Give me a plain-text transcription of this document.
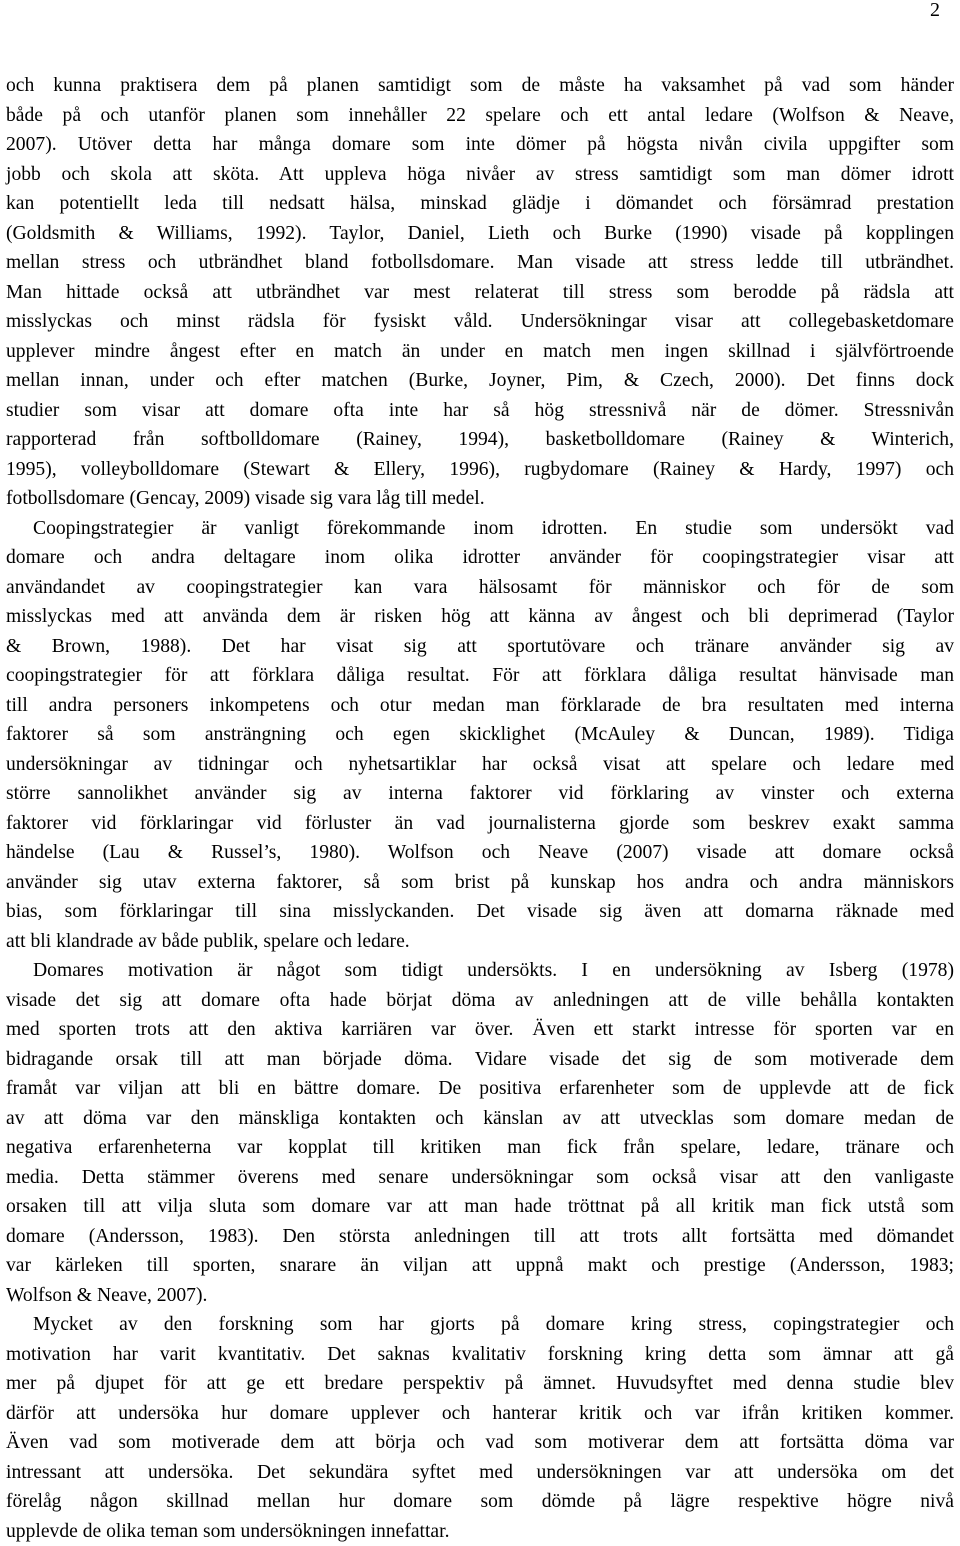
2
och kunna praktisera dem på planen samtidigt som de måste ha vaksamhet på vad som händer
både på och utanför planen som innehåller 22 spelare och ett antal ledare (Wolfson & Neave,
2007). Utöver detta har många domare som inte dömer på högsta nivån civila uppgifter som
jobb och skola att sköta. Att uppleva höga nivåer av stress samtidigt som man dömer idrott
kan potentiellt leda till nedsatt hälsa, minskad glädje i dömandet och försämrad prestation
(Goldsmith & Williams, 1992). Taylor, Daniel, Lieth och Burke (1990) visade på kopplingen
mellan stress och utbrändhet bland fotbollsdomare. Man visade att stress ledde till utbrändhet.
Man hittade också att utbrändhet var mest relaterat till stress som berodde på rädsla att
misslyckas och minst rädsla för fysiskt våld. Undersökningar visar att collegebasketdomare
upplever mindre ångest efter en match än under en match men ingen skillnad i självförtroende
mellan innan, under och efter matchen (Burke, Joyner, Pim, & Czech, 2000). Det finns dock
studier som visar att domare ofta inte har så hög stressnivå när de dömer. Stressnivån
rapporterad från softbolldomare (Rainey, 1994), basketbolldomare (Rainey & Winterich,
1995), volleybolldomare (Stewart & Ellery, 1996), rugbydomare (Rainey & Hardy, 1997) och
fotbollsdomare (Gencay, 2009) visade sig vara låg till medel.
Coopingstrategier är vanligt förekommande inom idrotten. En studie som undersökt vad
domare och andra deltagare inom olika idrotter använder för coopingstrategier visar att
användandet av coopingstrategier kan vara hälsosamt för människor och för de som
misslyckas med att använda dem är risken hög att känna av ångest och bli deprimerad (Taylor
& Brown, 1988). Det har visat sig att sportutövare och tränare använder sig av
coopingstrategier för att förklara dåliga resultat. För att förklara dåliga resultat hänvisade man
till andra personers inkompetens och otur medan man förklarade de bra resultaten med interna
faktorer så som ansträngning och egen skicklighet (McAuley & Duncan, 1989). Tidiga
undersökningar av tidningar och nyhetsartiklar har också visat att spelare och ledare med
större sannolikhet använder sig av interna faktorer vid förklaring av vinster och externa
faktorer vid förklaringar vid förluster än vad journalisterna gjorde som beskrev exakt samma
händelse (Lau & Russel’s, 1980). Wolfson och Neave (2007) visade att domare också
använder sig utav externa faktorer, så som brist på kunskap hos andra och andra människors
bias, som förklaringar till sina misslyckanden. Det visade sig även att domarna räknade med
att bli klandrade av både publik, spelare och ledare.
Domares motivation är något som tidigt undersökts. I en undersökning av Isberg (1978)
visade det sig att domare ofta hade börjat döma av anledningen att de ville behålla kontakten
med sporten trots att den aktiva karriären var över. Även ett starkt intresse för sporten var en
bidragande orsak till att man började döma. Vidare visade det sig de som motiverade dem
framåt var viljan att bli en bättre domare. De positiva erfarenheter som de upplevde att de fick
av att döma var den mänskliga kontakten och känslan av att utvecklas som domare medan de
negativa erfarenheterna var kopplat till kritiken man fick från spelare, ledare, tränare och
media. Detta stämmer överens med senare undersökningar som också visar att den vanligaste
orsaken till att vilja sluta som domare var att man hade tröttnat på all kritik man fick utstå som
domare (Andersson, 1983). Den största anledningen till att trots allt fortsätta med dömandet
var kärleken till sporten, snarare än viljan att uppnå makt och prestige (Andersson, 1983;
Wolfson & Neave, 2007).
Mycket av den forskning som har gjorts på domare kring stress, copingstrategier och
motivation har varit kvantitativ. Det saknas kvalitativ forskning kring detta som ämnar att gå
mer på djupet för att ge ett bredare perspektiv på ämnet. Huvudsyftet med denna studie blev
därför att undersöka hur domare upplever och hanterar kritik och var ifrån kritiken kommer.
Även vad som motiverade dem att börja och vad som motiverar dem att fortsätta döma var
intressant att undersöka. Det sekundära syftet med undersökningen var att undersöka om det
förelåg någon skillnad mellan hur domare som dömde på lägre respektive högre nivå
upplevde de olika teman som undersökningen innefattar.
